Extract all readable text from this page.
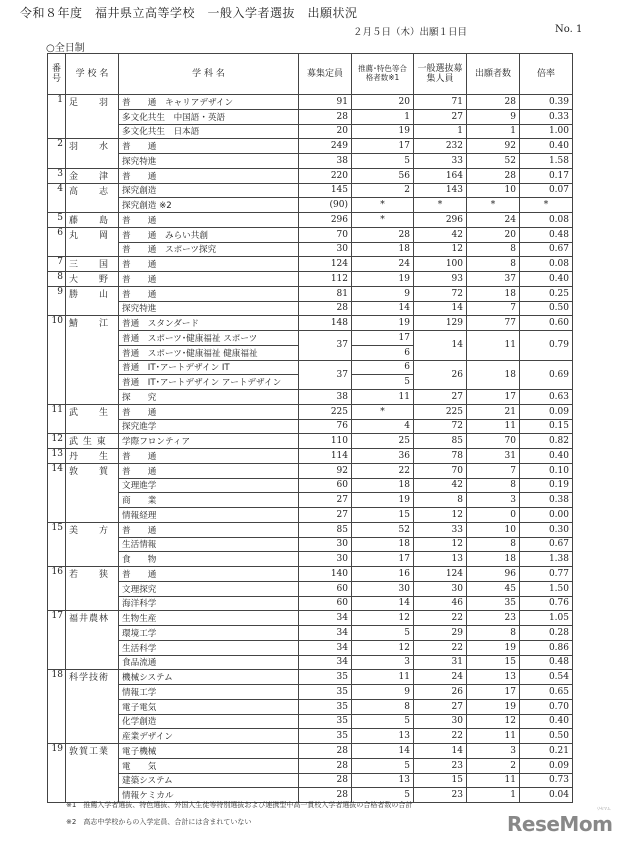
令和８年度　福井県立高等学校　一般入学者選抜　出願状況
２月５日（木）出願１日目	No. 1
○全日制
番号	学 校 名	学 科 名	募集定員	推薦･特色等合格者数※1	一般選抜募集人員	出願者数	倍率
1	足　　羽	普　　通　キャリアデザイン	91	20	71	28	0.39
		多文化共生　中国語・英語	28	1	27	9	0.33
		多文化共生　日本語	20	19	1	1	1.00
2	羽　　水	普　　通	249	17	232	92	0.40
		探究特進	38	5	33	52	1.58
3	金　　津	普　　通	220	56	164	28	0.17
4	高　　志	探究創造	145	2	143	10	0.07
		探究創造 ※2	(90)	*	*	*	*
5	藤　　島	普　　通	296	*	296	24	0.08
6	丸　　岡	普　　通　みらい共創	70	28	42	20	0.48
		普　　通　スポーツ探究	30	18	12	8	0.67
7	三　　国	普　　通	124	24	100	8	0.08
8	大　　野	普　　通	112	19	93	37	0.40
9	勝　　山	普　　通	81	9	72	18	0.25
		探究特進	28	14	14	7	0.50
10	鯖　　江	普通　スタンダード	148	19	129	77	0.60
		普通　スポーツ･健康福祉 スポーツ	37	17	14	11	0.79
		普通　スポーツ･健康福祉 健康福祉		6			
		普通　IT･アートデザイン IT	37	6	26	18	0.69
		普通　IT･アートデザイン アートデザイン		5			
		探　　究	38	11	27	17	0.63
11	武　　生	普　　通	225	*	225	21	0.09
		探究進学	76	4	72	11	0.15
12	武 生 東	学際フロンティア	110	25	85	70	0.82
13	丹　　生	普　　通	114	36	78	31	0.40
14	敦　　賀	普　　通	92	22	70	7	0.10
		文理進学	60	18	42	8	0.19
		商　　業	27	19	8	3	0.38
		情報経理	27	15	12	0	0.00
15	美　　方	普　　通	85	52	33	10	0.30
		生活情報	30	18	12	8	0.67
		食　　物	30	17	13	18	1.38
16	若　　狭	普　　通	140	16	124	96	0.77
		文理探究	60	30	30	45	1.50
		海洋科学	60	14	46	35	0.76
17	福井農林	生物生産	34	12	22	23	1.05
		環境工学	34	5	29	8	0.28
		生活科学	34	12	22	19	0.86
		食品流通	34	3	31	15	0.48
18	科学技術	機械システム	35	11	24	13	0.54
		情報工学	35	9	26	17	0.65
		電子電気	35	8	27	19	0.70
		化学創造	35	5	30	12	0.40
		産業デザイン	35	13	22	11	0.50
19	敦賀工業	電子機械	28	14	14	3	0.21
		電　　気	28	5	23	2	0.09
		建築システム	28	13	15	11	0.73
		情報ケミカル	28	5	23	1	0.04
※1　推薦入学者選抜、特色選抜、外国人生徒等特別選抜および連携型中高一貫校入学者選抜の合格者数の合計
※2　高志中学校からの入学定員、合計には含まれていない
リセマム
ReseMom
